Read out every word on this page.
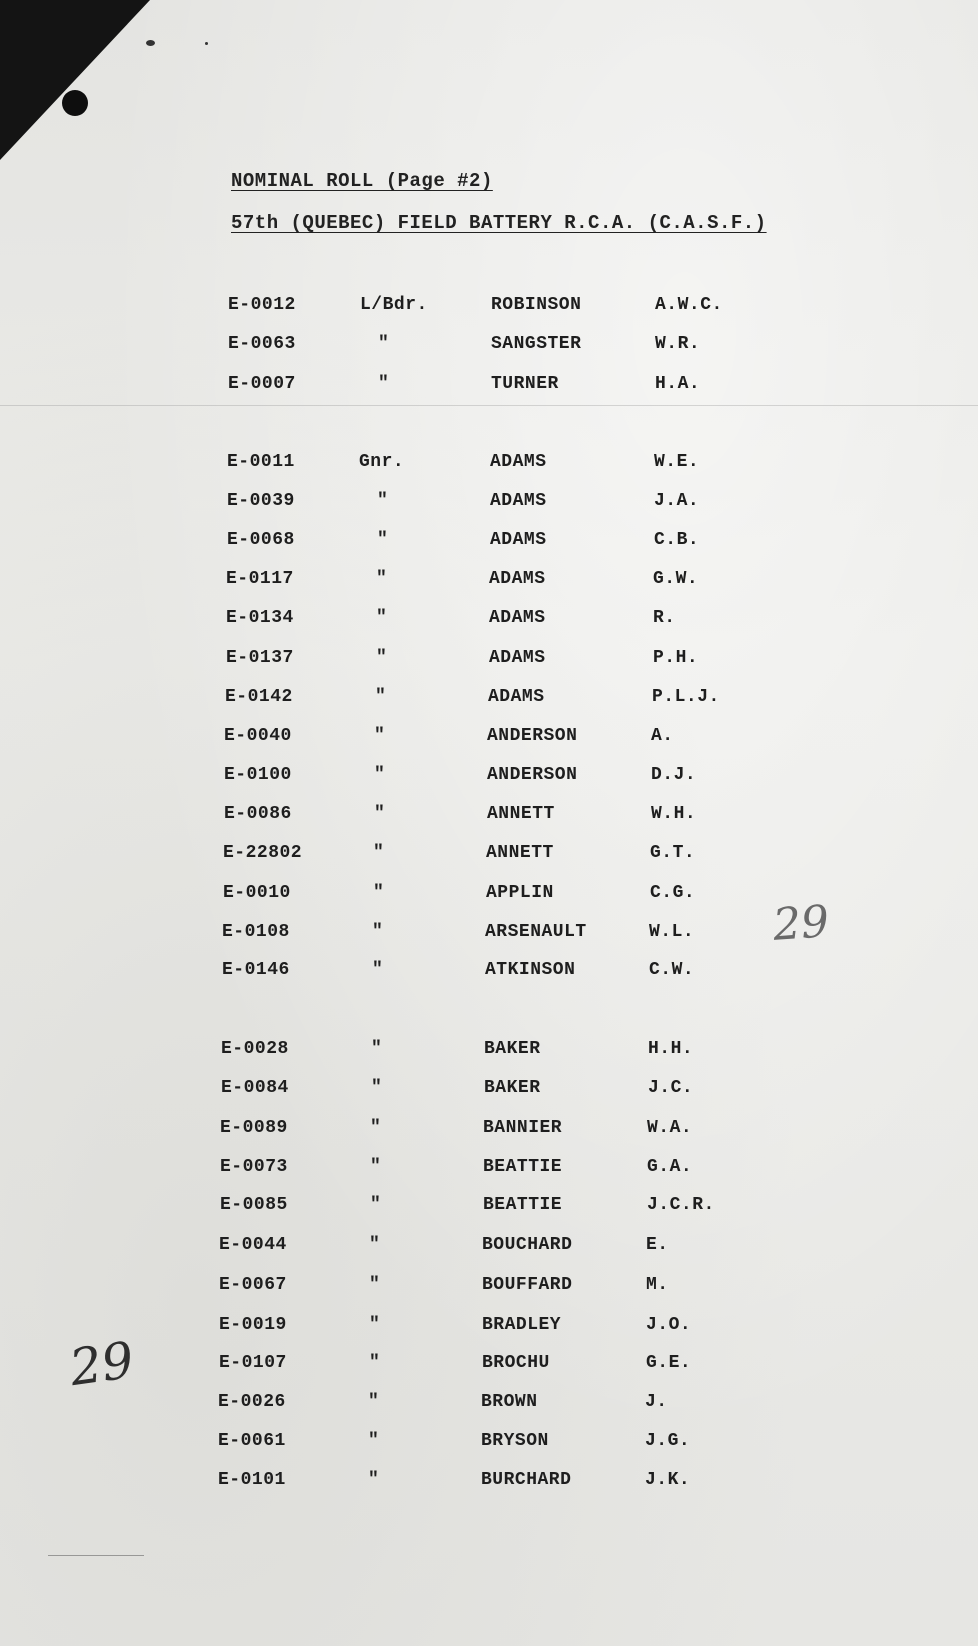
NOMINAL ROLL (Page #2)
57th (QUEBEC) FIELD BATTERY R.C.A. (C.A.S.F.)
E-0012	L/Bdr.	ROBINSON	A.W.C.
E-0063	"	SANGSTER	W.R.
E-0007	"	TURNER	H.A.
E-0011	Gnr.	ADAMS	W.E.
E-0039	"	ADAMS	J.A.
E-0068	"	ADAMS	C.B.
E-0117	"	ADAMS	G.W.
E-0134	"	ADAMS	R.
E-0137	"	ADAMS	P.H.
E-0142	"	ADAMS	P.L.J.
E-0040	"	ANDERSON	A.
E-0100	"	ANDERSON	D.J.
E-0086	"	ANNETT	W.H.
E-22802	"	ANNETT	G.T.
E-0010	"	APPLIN	C.G.
E-0108	"	ARSENAULT	W.L.
E-0146	"	ATKINSON	C.W.
E-0028	"	BAKER	H.H.
E-0084	"	BAKER	J.C.
E-0089	"	BANNIER	W.A.
E-0073	"	BEATTIE	G.A.
E-0085	"	BEATTIE	J.C.R.
E-0044	"	BOUCHARD	E.
E-0067	"	BOUFFARD	M.
E-0019	"	BRADLEY	J.O.
E-0107	"	BROCHU	G.E.
E-0026	"	BROWN	J.
E-0061	"	BRYSON	J.G.
E-0101	"	BURCHARD	J.K.
29
29
